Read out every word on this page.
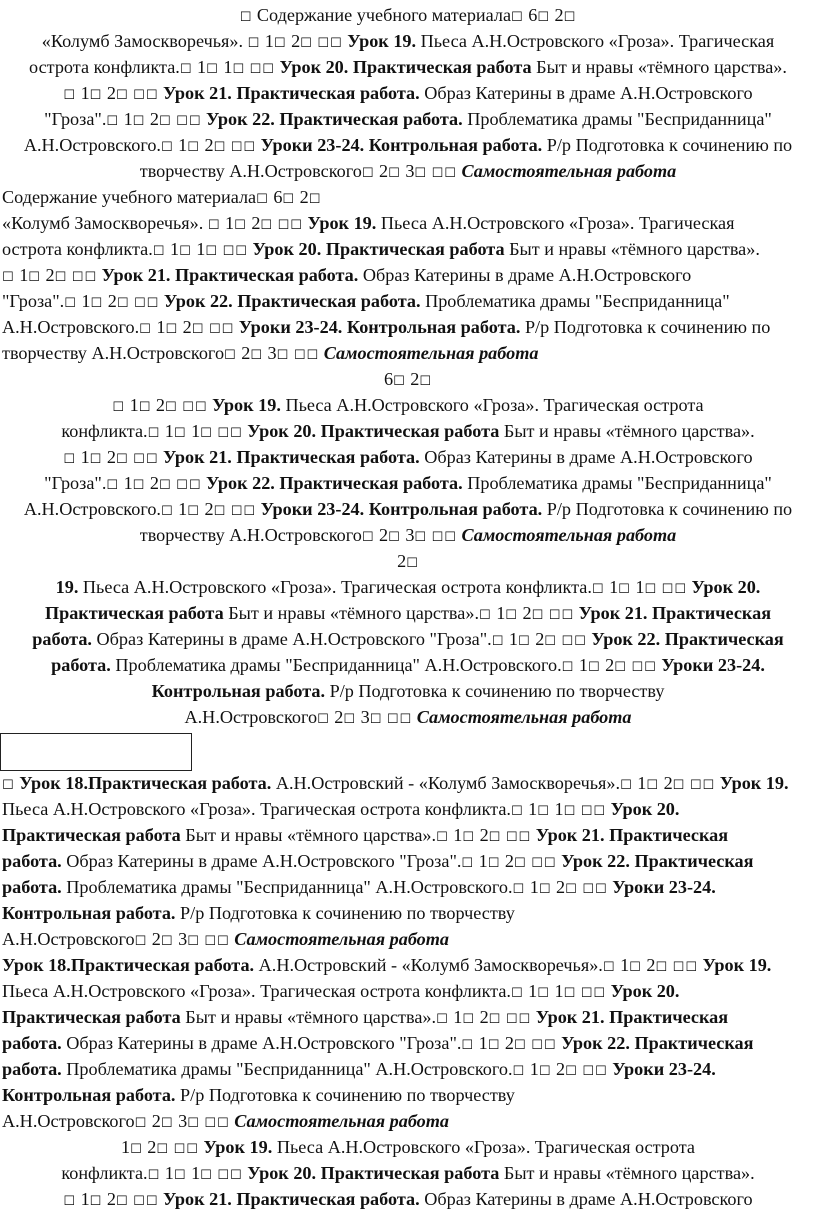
☐ Содержание учебного материала☐ 6☐ 2☐
«Колумб Замоскворечья». ☐ 1☐ 2☐ ☐☐ Урок 19. Пьеса А.Н.Островского «Гроза». Трагическая
острота конфликта.☐ 1☐ 1☐ ☐☐ Урок 20. Практическая работа Быт и нравы «тёмного царства».
☐ 1☐ 2☐ ☐☐ Урок 21. Практическая работа. Образ Катерины в драме А.Н.Островского
"Гроза".☐ 1☐ 2☐ ☐☐ Урок 22. Практическая работа. Проблематика драмы "Бесприданница"
А.Н.Островского.☐ 1☐ 2☐ ☐☐ Уроки 23-24. Контрольная работа. Р/р Подготовка к сочинению по
творчеству А.Н.Островского☐ 2☐ 3☐ ☐☐ Самостоятельная работа
Содержание учебного материала☐ 6☐ 2☐
«Колумб Замоскворечья». ☐ 1☐ 2☐ ☐☐ Урок 19. Пьеса А.Н.Островского «Гроза». Трагическая
острота конфликта.☐ 1☐ 1☐ ☐☐ Урок 20. Практическая работа Быт и нравы «тёмного царства».
☐ 1☐ 2☐ ☐☐ Урок 21. Практическая работа. Образ Катерины в драме А.Н.Островского
"Гроза".☐ 1☐ 2☐ ☐☐ Урок 22. Практическая работа. Проблематика драмы "Бесприданница"
А.Н.Островского.☐ 1☐ 2☐ ☐☐ Уроки 23-24. Контрольная работа. Р/р Подготовка к сочинению по
творчеству А.Н.Островского☐ 2☐ 3☐ ☐☐ Самостоятельная работа
6☐ 2☐
☐ 1☐ 2☐ ☐☐ Урок 19. Пьеса А.Н.Островского «Гроза». Трагическая острота
конфликта.☐ 1☐ 1☐ ☐☐ Урок 20. Практическая работа Быт и нравы «тёмного царства».
☐ 1☐ 2☐ ☐☐ Урок 21. Практическая работа. Образ Катерины в драме А.Н.Островского
"Гроза".☐ 1☐ 2☐ ☐☐ Урок 22. Практическая работа. Проблематика драмы "Бесприданница"
А.Н.Островского.☐ 1☐ 2☐ ☐☐ Уроки 23-24. Контрольная работа. Р/р Подготовка к сочинению по
творчеству А.Н.Островского☐ 2☐ 3☐ ☐☐ Самостоятельная работа
2☐
19. Пьеса А.Н.Островского «Гроза». Трагическая острота конфликта.☐ 1☐ 1☐ ☐☐ Урок 20.
Практическая работа Быт и нравы «тёмного царства».☐ 1☐ 2☐ ☐☐ Урок 21. Практическая
работа. Образ Катерины в драме А.Н.Островского "Гроза".☐ 1☐ 2☐ ☐☐ Урок 22. Практическая
работа. Проблематика драмы "Бесприданница" А.Н.Островского.☐ 1☐ 2☐ ☐☐ Уроки 23-24.
Контрольная работа. Р/р Подготовка к сочинению по творчеству
А.Н.Островского☐ 2☐ 3☐ ☐☐ Самостоятельная работа
☐ Урок 18.Практическая работа. А.Н.Островский - «Колумб Замоскворечья».☐ 1☐ 2☐ ☐☐ Урок 19.
Пьеса А.Н.Островского «Гроза». Трагическая острота конфликта.☐ 1☐ 1☐ ☐☐ Урок 20.
Практическая работа Быт и нравы «тёмного царства».☐ 1☐ 2☐ ☐☐ Урок 21. Практическая
работа. Образ Катерины в драме А.Н.Островского "Гроза".☐ 1☐ 2☐ ☐☐ Урок 22. Практическая
работа. Проблематика драмы "Бесприданница" А.Н.Островского.☐ 1☐ 2☐ ☐☐ Уроки 23-24.
Контрольная работа. Р/р Подготовка к сочинению по творчеству
А.Н.Островского☐ 2☐ 3☐ ☐☐ Самостоятельная работа
Урок 18.Практическая работа. А.Н.Островский - «Колумб Замоскворечья».☐ 1☐ 2☐ ☐☐ Урок 19.
Пьеса А.Н.Островского «Гроза». Трагическая острота конфликта.☐ 1☐ 1☐ ☐☐ Урок 20.
Практическая работа Быт и нравы «тёмного царства».☐ 1☐ 2☐ ☐☐ Урок 21. Практическая
работа. Образ Катерины в драме А.Н.Островского "Гроза".☐ 1☐ 2☐ ☐☐ Урок 22. Практическая
работа. Проблематика драмы "Бесприданница" А.Н.Островского.☐ 1☐ 2☐ ☐☐ Уроки 23-24.
Контрольная работа. Р/р Подготовка к сочинению по творчеству
А.Н.Островского☐ 2☐ 3☐ ☐☐ Самостоятельная работа
1☐ 2☐ ☐☐ Урок 19. Пьеса А.Н.Островского «Гроза». Трагическая острота
конфликта.☐ 1☐ 1☐ ☐☐ Урок 20. Практическая работа Быт и нравы «тёмного царства».
☐ 1☐ 2☐ ☐☐ Урок 21. Практическая работа. Образ Катерины в драме А.Н.Островского
